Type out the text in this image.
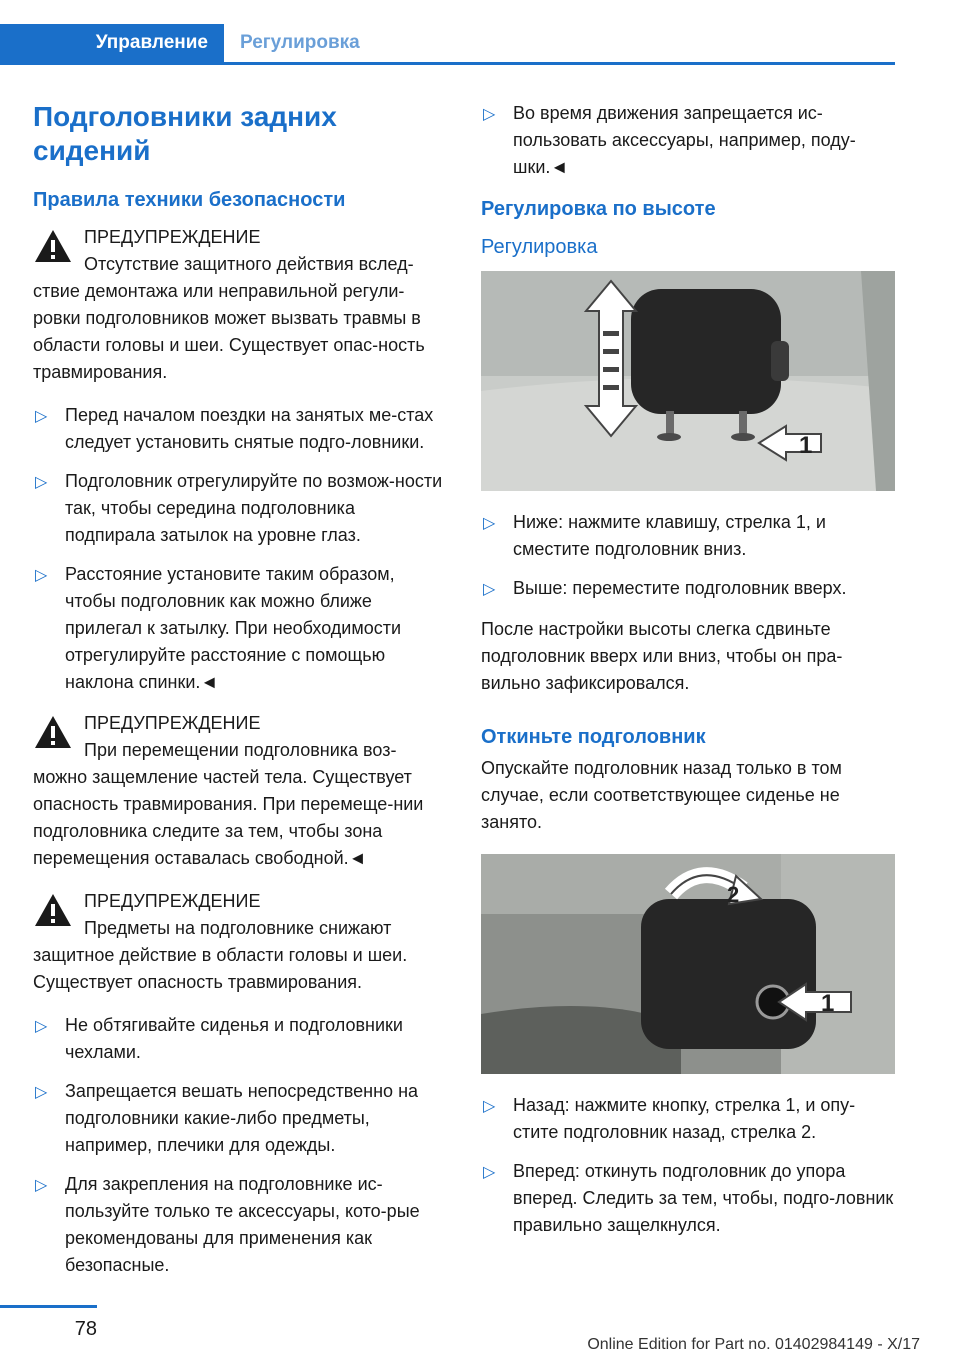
Управление	Регулировка
Подголовники задних сидений
Правила техники безопасности
ПРЕДУПРЕЖДЕНИЕ
Отсутствие защитного действия вслед-ствие демонтажа или неправильной регули-ровки подголовников может вызвать травмы в области головы и шеи. Существует опас-ность травмирования.
▷ Перед началом поездки на занятых ме-стах следует установить снятые подго-ловники.
▷ Подголовник отрегулируйте по возмож-ности так, чтобы середина подголовника подпирала затылок на уровне глаз.
▷ Расстояние установите таким образом, чтобы подголовник как можно ближе прилегал к затылку. При необходимости отрегулируйте расстояние с помощью наклона спинки.◄
ПРЕДУПРЕЖДЕНИЕ
При перемещении подголовника воз-можно защемление частей тела. Существует опасность травмирования. При перемеще-нии подголовника следите за тем, чтобы зона перемещения оставалась свободной.◄
ПРЕДУПРЕЖДЕНИЕ
Предметы на подголовнике снижают защитное действие в области головы и шеи. Существует опасность травмирования.
▷ Не обтягивайте сиденья и подголовники чехлами.
▷ Запрещается вешать непосредственно на подголовники какие-либо предметы, например, плечики для одежды.
▷ Для закрепления на подголовнике ис-пользуйте только те аксессуары, кото-рые рекомендованы для применения как безопасные.
▷ Во время движения запрещается ис-пользовать аксессуары, например, поду-шки.◄
Регулировка по высоте
Регулировка
1
▷ Ниже: нажмите клавишу, стрелка 1, и сместите подголовник вниз.
▷ Выше: переместите подголовник вверх.

После настройки высоты слегка сдвиньте подголовник вверх или вниз, чтобы он пра-вильно зафиксировался.

Откиньте подголовник

Опускайте подголовник назад только в том случае, если соответствующее сиденье не занято.

2
1
▷ Назад: нажмите кнопку, стрелка 1, и опу-стите подголовник назад, стрелка 2.
▷ Вперед: откинуть подголовник до упора вперед. Следить за тем, чтобы, подго-ловник правильно защелкнулся.
78
Online Edition for Part no. 01402984149 - X/17
